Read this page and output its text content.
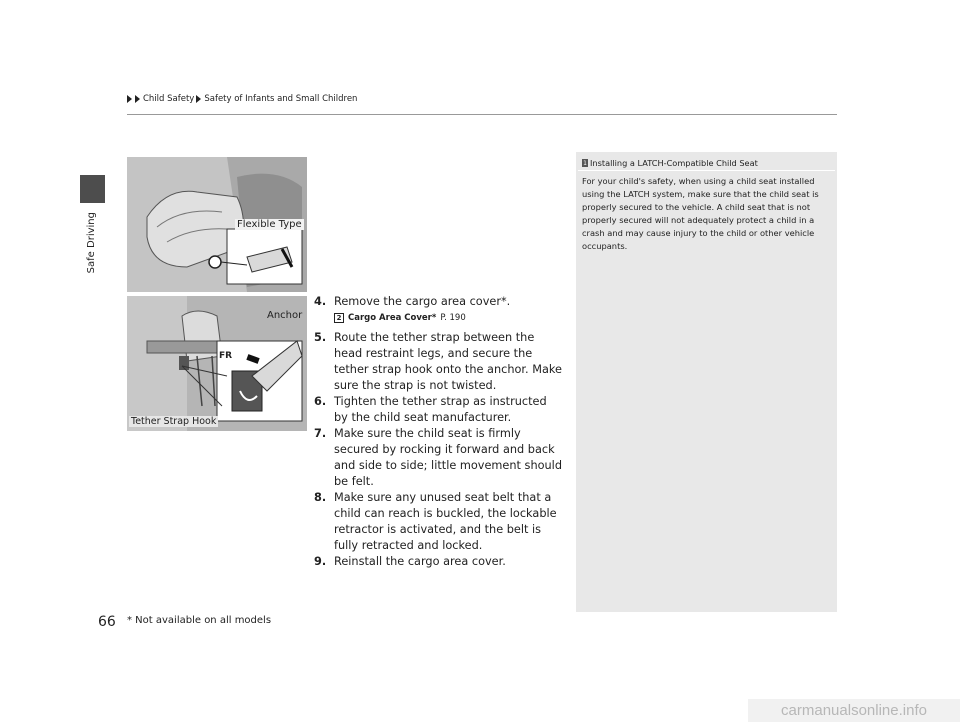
Safe Driving
Child Safety Safety of Infants and Small Children
Flexible Type
Anchor
FR
Tether Strap Hook
4. Remove the cargo area cover*.
2 Cargo Area Cover* P. 190
5. Route the tether strap between the head restraint legs, and secure the tether strap hook onto the anchor. Make sure the strap is not twisted.
6. Tighten the tether strap as instructed by the child seat manufacturer.
7. Make sure the child seat is firmly secured by rocking it forward and back and side to side; little movement should be felt.
8. Make sure any unused seat belt that a child can reach is buckled, the lockable retractor is activated, and the belt is fully retracted and locked.
9. Reinstall the cargo area cover.
1 Installing a LATCH-Compatible Child Seat
For your child's safety, when using a child seat installed using the LATCH system, make sure that the child seat is properly secured to the vehicle. A child seat that is not properly secured will not adequately protect a child in a crash and may cause injury to the child or other vehicle occupants.
66 * Not available on all models
carmanualsonline.info
